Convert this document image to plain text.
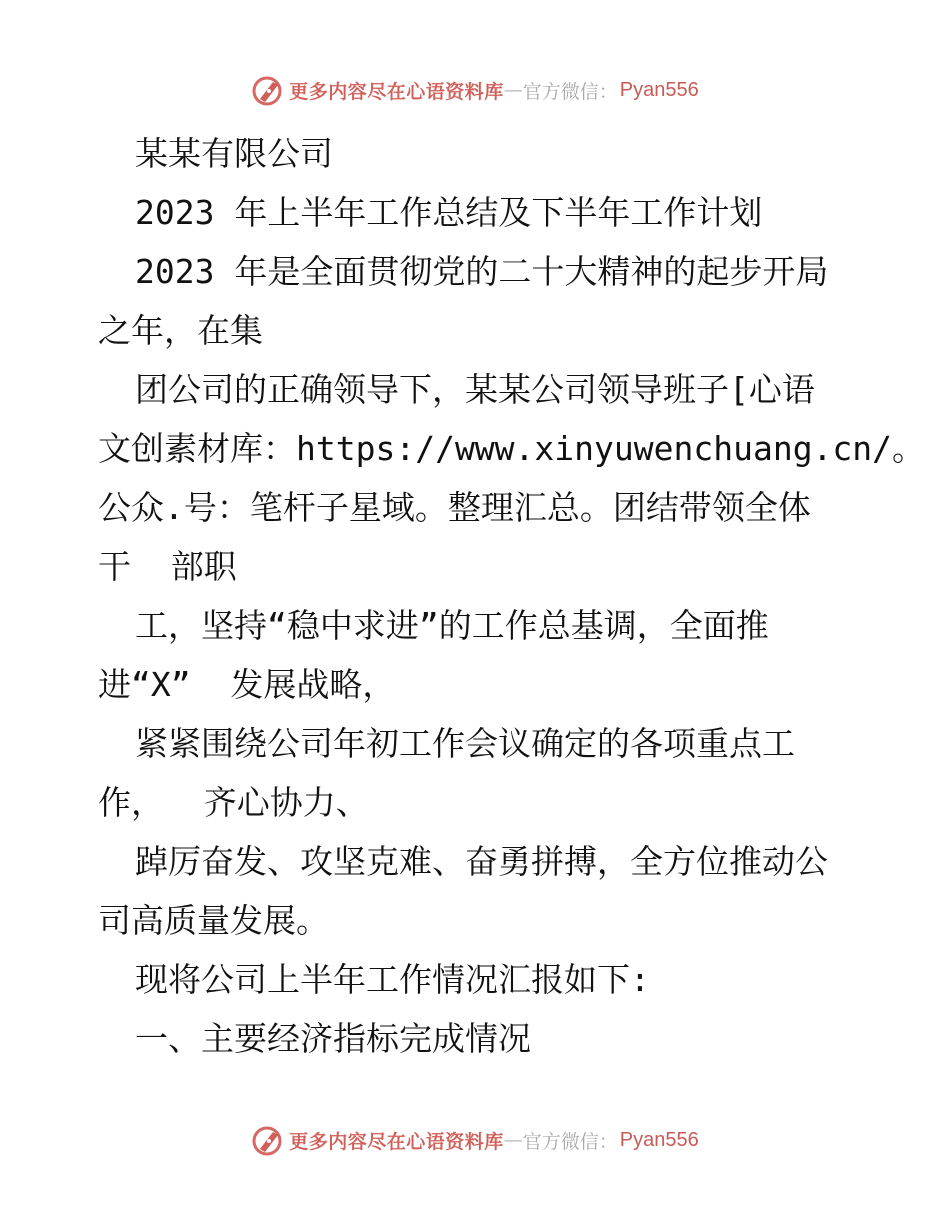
更多内容尽在心语资料库 — 官方微信： Pyan556
某某有限公司
2023 年上半年工作总结及下半年工作计划
2023 年是全面贯彻党的二十大精神的起步开局
之年，在集
团公司的正确领导下，某某公司领导班子[心语
文创素材库：https://www.xinyuwenchuang.cn/。
公众.号：笔杆子星域。整理汇总。团结带领全体
干  部职
工，坚持“稳中求进”的工作总基调，全面推
进“X”  发展战略，
紧紧围绕公司年初工作会议确定的各项重点工
作，  齐心协力、
踔厉奋发、攻坚克难、奋勇拼搏，全方位推动公
司高质量发展。
现将公司上半年工作情况汇报如下:
一、主要经济指标完成情况
更多内容尽在心语资料库 — 官方微信： Pyan556
